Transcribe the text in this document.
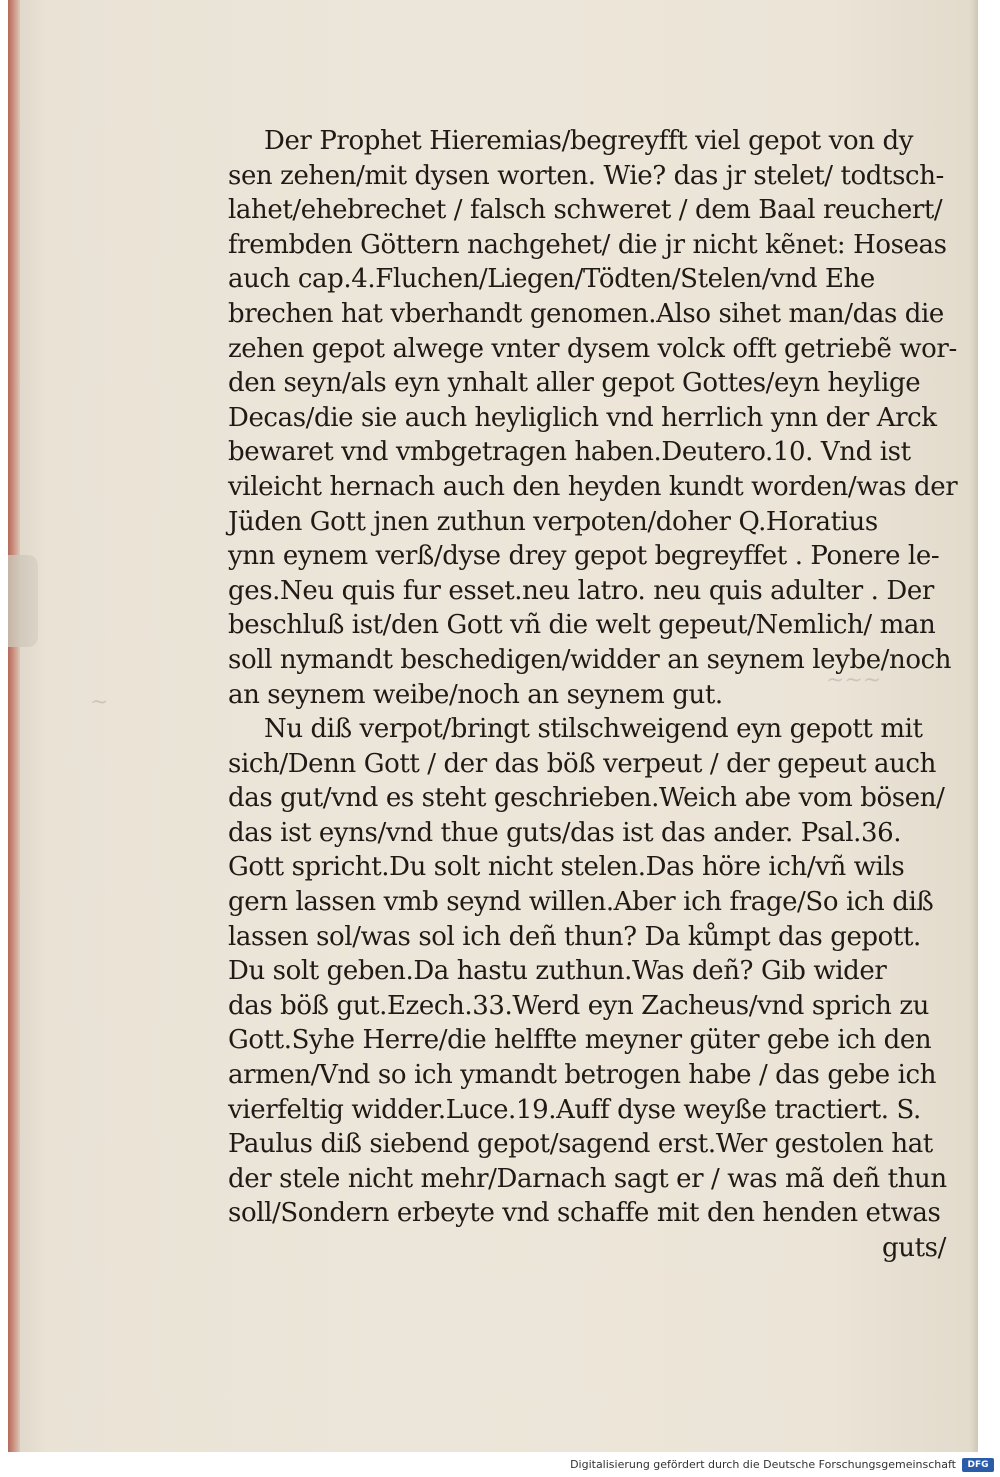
~~~
~
Der Prophet Hieremias/begreyfft viel gepot von dy
sen zehen/mit dysen worten. Wie? das jr stelet/ todtsch-
lahet/ehebrechet / falsch schweret / dem Baal reuchert/
frembden Göttern nachgehet/ die jr nicht kẽnet: Hoseas
auch cap.4.Fluchen/Liegen/Tödten/Stelen/vnd Ehe
brechen hat vberhandt genomen.Also sihet man/das die
zehen gepot alwege vnter dysem volck offt getriebẽ wor-
den seyn/als eyn ynhalt aller gepot Gottes/eyn heylige
Decas/die sie auch heyliglich vnd herrlich ynn der Arck
bewaret vnd vmbgetragen haben.Deutero.10. Vnd ist
vileicht hernach auch den heyden kundt worden/was der
Jüden Gott jnen zuthun verpoten/doher Q.Horatius
ynn eynem verß/dyse drey gepot begreyffet . Ponere le-
ges.Neu quis fur esset.neu latro. neu quis adulter . Der
beschluß ist/den Gott vñ die welt gepeut/Nemlich/ man
soll nymandt beschedigen/widder an seynem leybe/noch
an seynem weibe/noch an seynem gut.
Nu diß verpot/bringt stilschweigend eyn gepott mit
sich/Denn Gott / der das böß verpeut / der gepeut auch
das gut/vnd es steht geschrieben.Weich abe vom bösen/
das ist eyns/vnd thue guts/das ist das ander. Psal.36.
Gott spricht.Du solt nicht stelen.Das höre ich/vñ wils
gern lassen vmb seynd willen.Aber ich frage/So ich diß
lassen sol/was sol ich deñ thun? Da kůmpt das gepott.
Du solt geben.Da hastu zuthun.Was deñ? Gib wider
das böß gut.Ezech.33.Werd eyn Zacheus/vnd sprich zu
Gott.Syhe Herre/die helffte meyner güter gebe ich den
armen/Vnd so ich ymandt betrogen habe / das gebe ich
vierfeltig widder.Luce.19.Auff dyse weyße tractiert. S.
Paulus diß siebend gepot/sagend erst.Wer gestolen hat
der stele nicht mehr/Darnach sagt er / was mã deñ thun
soll/Sondern erbeyte vnd schaffe mit den henden etwas
guts/
Digitalisierung gefördert durch die Deutsche Forschungsgemeinschaft	DFG
